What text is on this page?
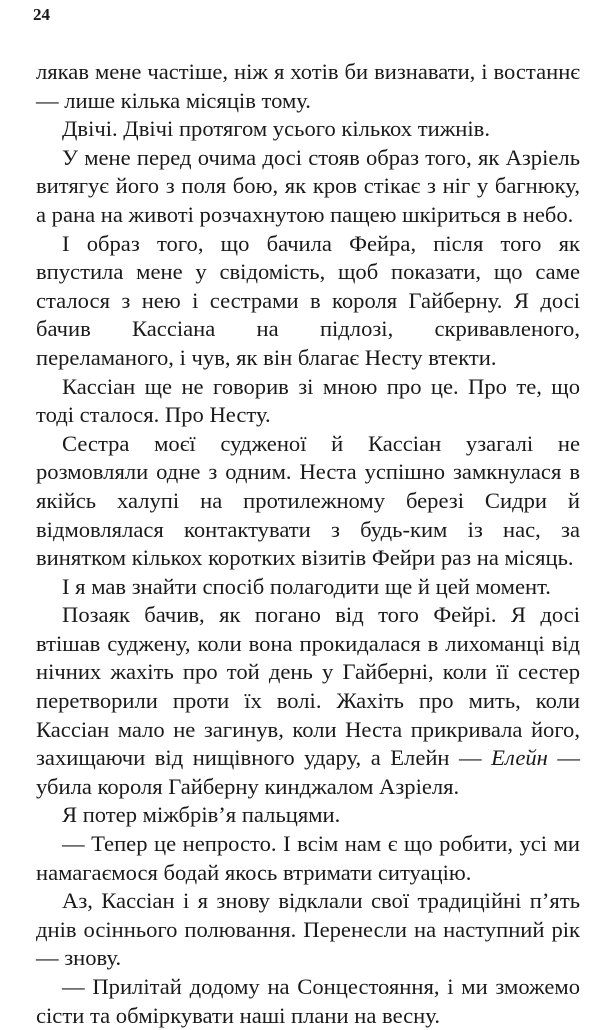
24

лякав мене частіше, ніж я хотів би визнавати, і востаннє — лише кілька місяців тому.

Двічі. Двічі протягом усього кількох тижнів.

У мене перед очима досі стояв образ того, як Азріель витягує його з поля бою, як кров стікає з ніг у багнюку, а рана на животі розчахнутою пащею шкіриться в небо.

І образ того, що бачила Фейра, після того як впустила мене у свідомість, щоб показати, що саме сталося з нею і сестрами в короля Гайберну. Я досі бачив Кассіана на підлозі, скривавленого, переламаного, і чув, як він благає Несту втекти.

Кассіан ще не говорив зі мною про це. Про те, що тоді сталося. Про Несту.

Сестра моєї судженої й Кассіан узагалі не розмовляли одне з одним. Неста успішно замкнулася в якійсь халупі на протилежному березі Сидри й відмовлялася контактувати з будь-ким із нас, за винятком кількох коротких візитів Фейри раз на місяць.

І я мав знайти спосіб полагодити ще й цей момент.

Позаяк бачив, як погано від того Фейрі. Я досі втішав суджену, коли вона прокидалася в лихоманці від нічних жахіть про той день у Гайберні, коли її сестер перетворили проти їх волі. Жахіть про мить, коли Кассіан мало не загинув, коли Неста прикривала його, захищаючи від нищівного удару, а Елейн — Елейн — убила короля Гайберну кинджалом Азріеля.

Я потер міжбрів’я пальцями.

— Тепер це непросто. І всім нам є що робити, усі ми намагаємося бодай якось втримати ситуацію.

Аз, Кассіан і я знову відклали свої традиційні п’ять днів осіннього полювання. Перенесли на наступний рік — знову.

— Прилітай додому на Сонцестояння, і ми зможемо сісти та обміркувати наші плани на весну.
